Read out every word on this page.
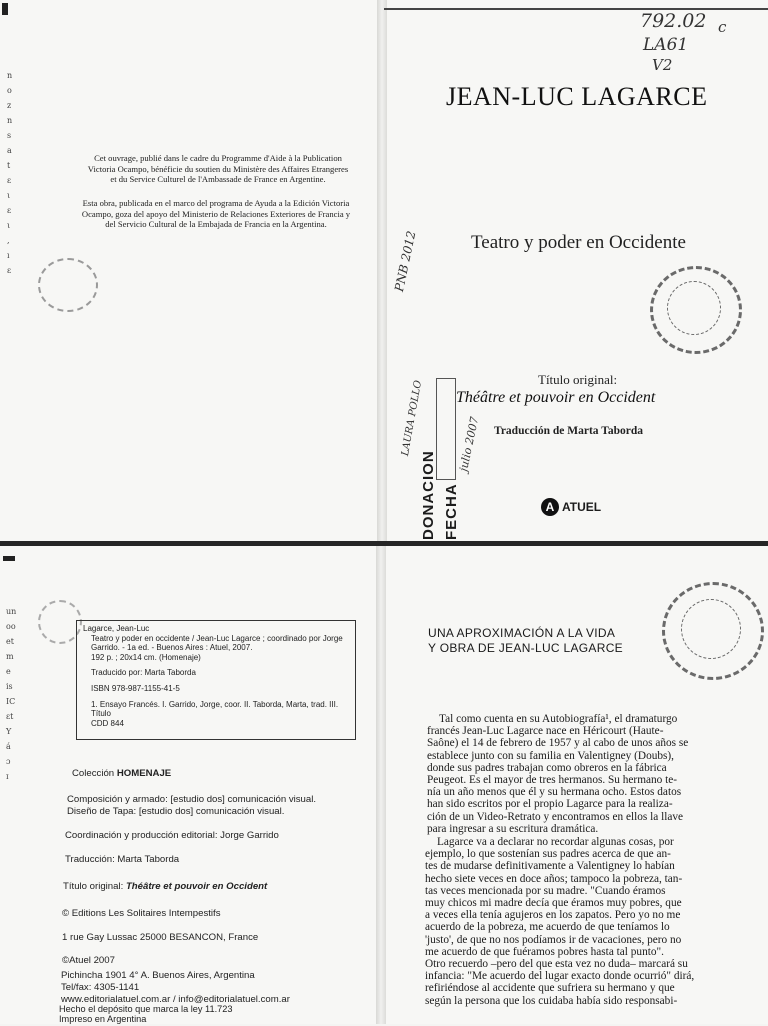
n
o
z
n
s
a
t
ε
ι
ɛ
ι
,
ı
ε
Cet ouvrage, publié dans le cadre du Programme d'Aide à la Publication Victoria Ocampo, bénéficie du soutien du Ministère des Affaires Etrangeres et du Service Culturel de l'Ambassade de France en Argentine.
Esta obra, publicada en el marco del programa de Ayuda a la Edición Victoria Ocampo, goza del apoyo del Ministerio de Relaciones Exteriores de Francia y del Servicio Cultural de la Embajada de Francia en la Argentina.
792.02
LA61
V2
c
JEAN-LUC LAGARCE
Teatro y poder en Occidente
PNB 2012
Título original:
Théâtre et pouvoir en Occident
Traducción de Marta Taborda
LAURA POLLO
DONACION FECHA
julio 2007
A ATUEL
un
oo
et
m
e
is
IC
ɛt
Y
á
ɔ
ɪ
Lagarce, Jean-Luc
Teatro y poder en occidente / Jean-Luc Lagarce ; coordinado por Jorge Garrido. - 1a ed. - Buenos Aires : Atuel, 2007.
192 p. ; 20x14 cm. (Homenaje)
Traducido por: Marta Taborda
ISBN 978-987-1155-41-5
1. Ensayo Francés. I. Garrido, Jorge, coor. II. Taborda, Marta, trad. III. Título
CDD 844
Colección HOMENAJE
Composición y armado: [estudio dos] comunicación visual.
Diseño de Tapa: [estudio dos] comunicación visual.
Coordinación y producción editorial: Jorge Garrido
Traducción: Marta Taborda
Título original: Théâtre et pouvoir en Occident
© Editions Les Solitaires Intempestifs
1 rue Gay Lussac 25000 BESANCON, France
©Atuel 2007
Pichincha 1901 4° A. Buenos Aires, Argentina
Tel/fax: 4305-1141
www.editorialatuel.com.ar / info@editorialatuel.com.ar
Hecho el depósito que marca la ley 11.723
Impreso en Argentina
UNA APROXIMACIÓN A LA VIDA
Y OBRA DE JEAN-LUC LAGARCE
Tal como cuenta en su Autobiografía¹, el dramaturgo
francés Jean-Luc Lagarce nace en Héricourt (Haute-
Saône) el 14 de febrero de 1957 y al cabo de unos años se
establece junto con su familia en Valentigney (Doubs),
donde sus padres trabajan como obreros en la fábrica
Peugeot. Es el mayor de tres hermanos. Su hermano te-
nía un año menos que él y su hermana ocho. Estos datos
han sido escritos por el propio Lagarce para la realiza-
ción de un Video-Retrato y encontramos en ellos la llave
para ingresar a su escritura dramática.
Lagarce va a declarar no recordar algunas cosas, por
ejemplo, lo que sostenían sus padres acerca de que an-
tes de mudarse definitivamente a Valentigney lo habían
hecho siete veces en doce años; tampoco la pobreza, tan-
tas veces mencionada por su madre. "Cuando éramos
muy chicos mi madre decía que éramos muy pobres, que
a veces ella tenía agujeros en los zapatos. Pero yo no me
acuerdo de la pobreza, me acuerdo de que teníamos lo
'justo', de que no nos podíamos ir de vacaciones, pero no
me acuerdo de que fuéramos pobres hasta tal punto".
Otro recuerdo –pero del que esta vez no duda– marcará su
infancia: "Me acuerdo del lugar exacto donde ocurrió" dirá,
refiriéndose al accidente que sufriera su hermano y que
según la persona que los cuidaba había sido responsabi-
